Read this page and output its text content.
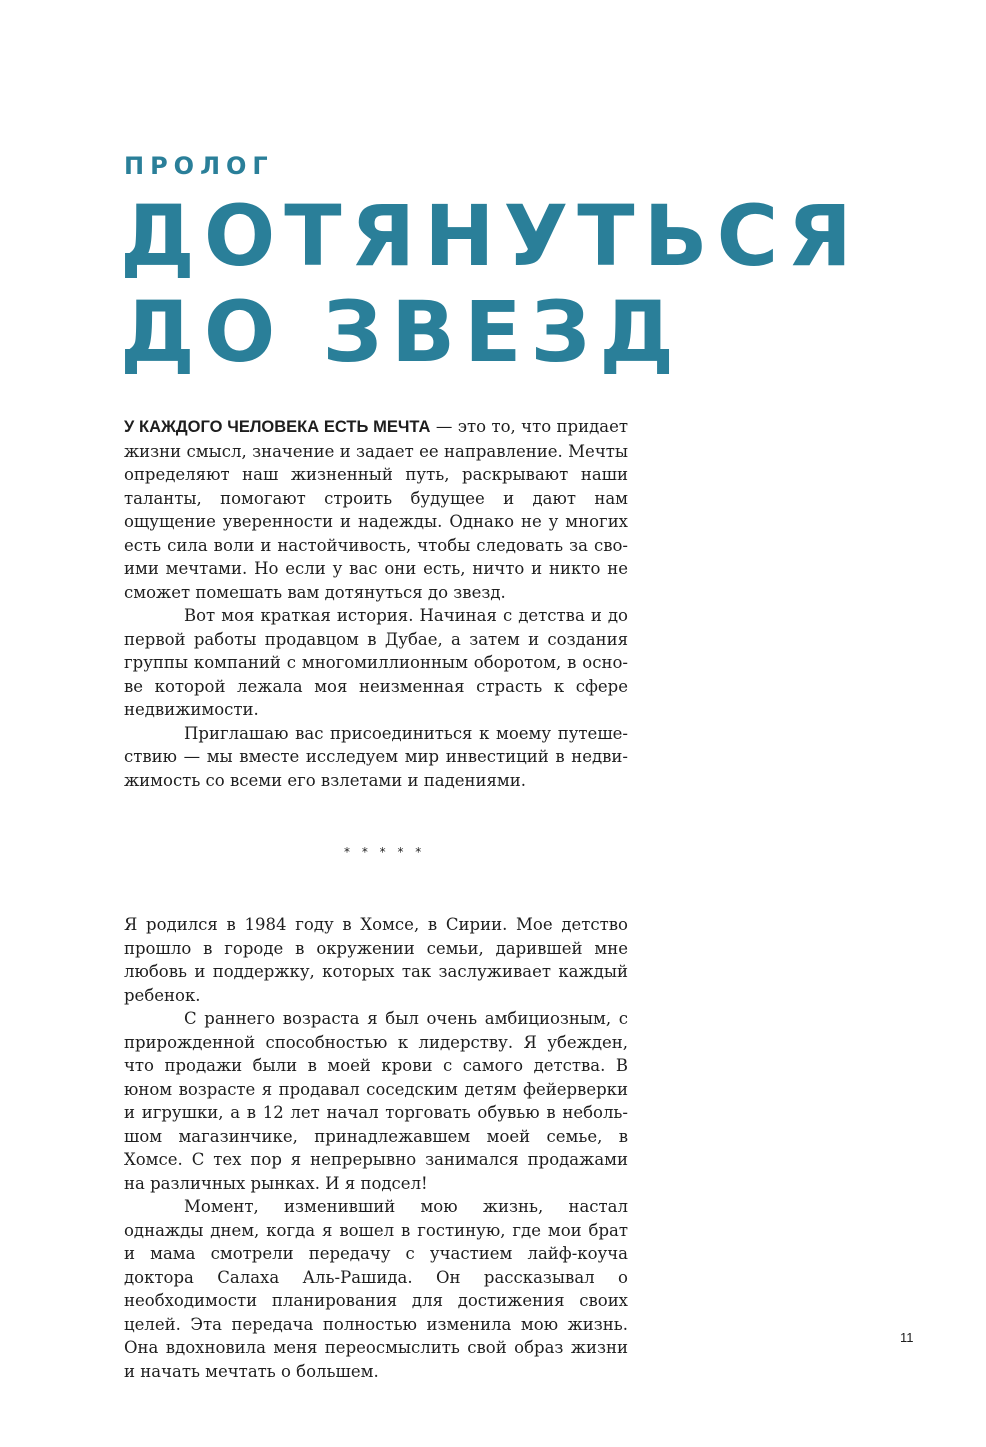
ПРОЛОГ
ДОТЯНУТЬСЯ
ДО ЗВЕЗД

У КАЖДОГО ЧЕЛОВЕКА ЕСТЬ МЕЧТА — это то, что придает жизни смысл, значение и задает ее направление. Мечты определяют наш жизненный путь, раскрывают наши таланты, помогают строить будущее и дают нам ощущение уверенности и надежды. Однако не у многих есть сила воли и настойчивость, чтобы следовать за своими мечтами. Но если у вас они есть, ничто и никто не сможет помешать вам дотянуться до звезд.

Вот моя краткая история. Начиная с детства и до первой работы продавцом в Дубае, а затем и создания группы компаний с многомиллионным оборотом, в основе которой лежала моя неизменная страсть к сфере недвижимости.

Приглашаю вас присоединиться к моему путешествию — мы вместе исследуем мир инвестиций в недвижимость со всеми его взлетами и падениями.

* * * * *

Я родился в 1984 году в Хомсе, в Сирии. Мое детство прошло в городе в окружении семьи, дарившей мне любовь и поддержку, которых так заслуживает каждый ребенок.

С раннего возраста я был очень амбициозным, с прирожденной способностью к лидерству. Я убежден, что продажи были в моей крови с самого детства. В юном возрасте я продавал соседским детям фейерверки и игрушки, а в 12 лет начал торговать обувью в небольшом магазинчике, принадлежавшем моей семье, в Хомсе. С тех пор я непрерывно занимался продажами на различных рынках. И я подсел!

Момент, изменивший мою жизнь, настал однажды днем, когда я вошел в гостиную, где мои брат и мама смотрели передачу с участием лайф-коуча доктора Салаха Аль-Рашида. Он рассказывал о необходимости планирования для достижения своих целей. Эта передача полностью изменила мою жизнь. Она вдохновила меня переосмыслить свой образ жизни и начать мечтать о большем.

11
